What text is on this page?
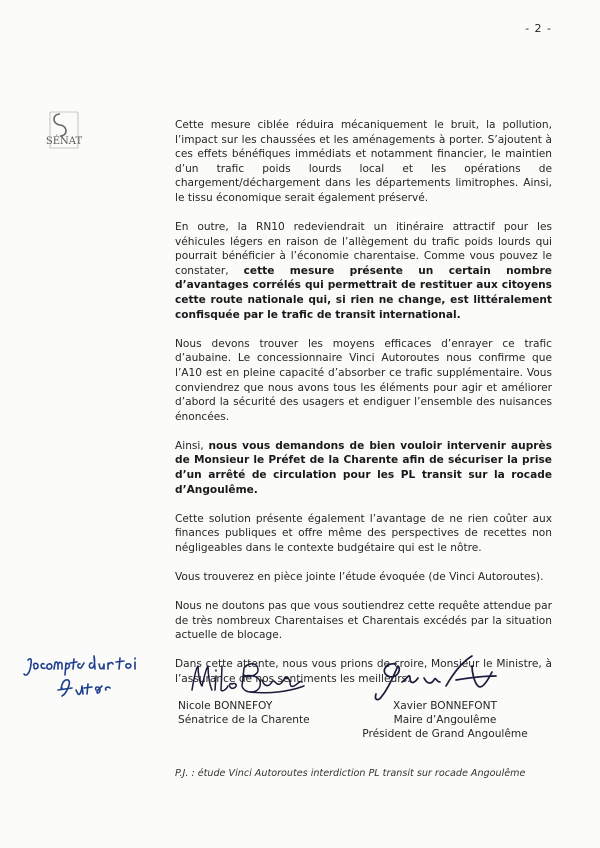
- 2 -
SÉNAT

Cette mesure ciblée réduira mécaniquement le bruit, la pollution, l’impact sur les chaussées et les aménagements à porter. S’ajoutent à ces effets bénéfiques immédiats et notamment financier, le maintien d’un trafic poids lourds local et les opérations de chargement/déchargement dans les départements limitrophes. Ainsi, le tissu économique serait également préservé.

En outre, la RN10 redeviendrait un itinéraire attractif pour les véhicules légers en raison de l’allègement du trafic poids lourds qui pourrait bénéficier à l’économie charentaise. Comme vous pouvez le constater, cette mesure présente un certain nombre d’avantages corrélés qui permettrait de restituer aux citoyens cette route nationale qui, si rien ne change, est littéralement confisquée par le trafic de transit international.

Nous devons trouver les moyens efficaces d’enrayer ce trafic d’aubaine. Le concessionnaire Vinci Autoroutes nous confirme que l’A10 est en pleine capacité d’absorber ce trafic supplémentaire. Vous conviendrez que nous avons tous les éléments pour agir et améliorer d’abord la sécurité des usagers et endiguer l’ensemble des nuisances énoncées.

Ainsi, nous vous demandons de bien vouloir intervenir auprès de Monsieur le Préfet de la Charente afin de sécuriser la prise d’un arrêté de circulation pour les PL transit sur la rocade d’Angoulême.

Cette solution présente également l’avantage de ne rien coûter aux finances publiques et offre même des perspectives de recettes non négligeables dans le contexte budgétaire qui est le nôtre.

Vous trouverez en pièce jointe l’étude évoquée (de Vinci Autoroutes).

Nous ne doutons pas que vous soutiendrez cette requête attendue par de très nombreux Charentaises et Charentais excédés par la situation actuelle de blocage.

Dans cette attente, nous vous prions de croire, Monsieur le Ministre, à l’assurance de nos sentiments les meilleurs.

Nicole BONNEFOY
Sénatrice de la Charente
Xavier BONNEFONT
Maire d’Angoulême
Président de Grand Angoulême
P.J. : étude Vinci Autoroutes interdiction PL transit sur rocade Angoulême
